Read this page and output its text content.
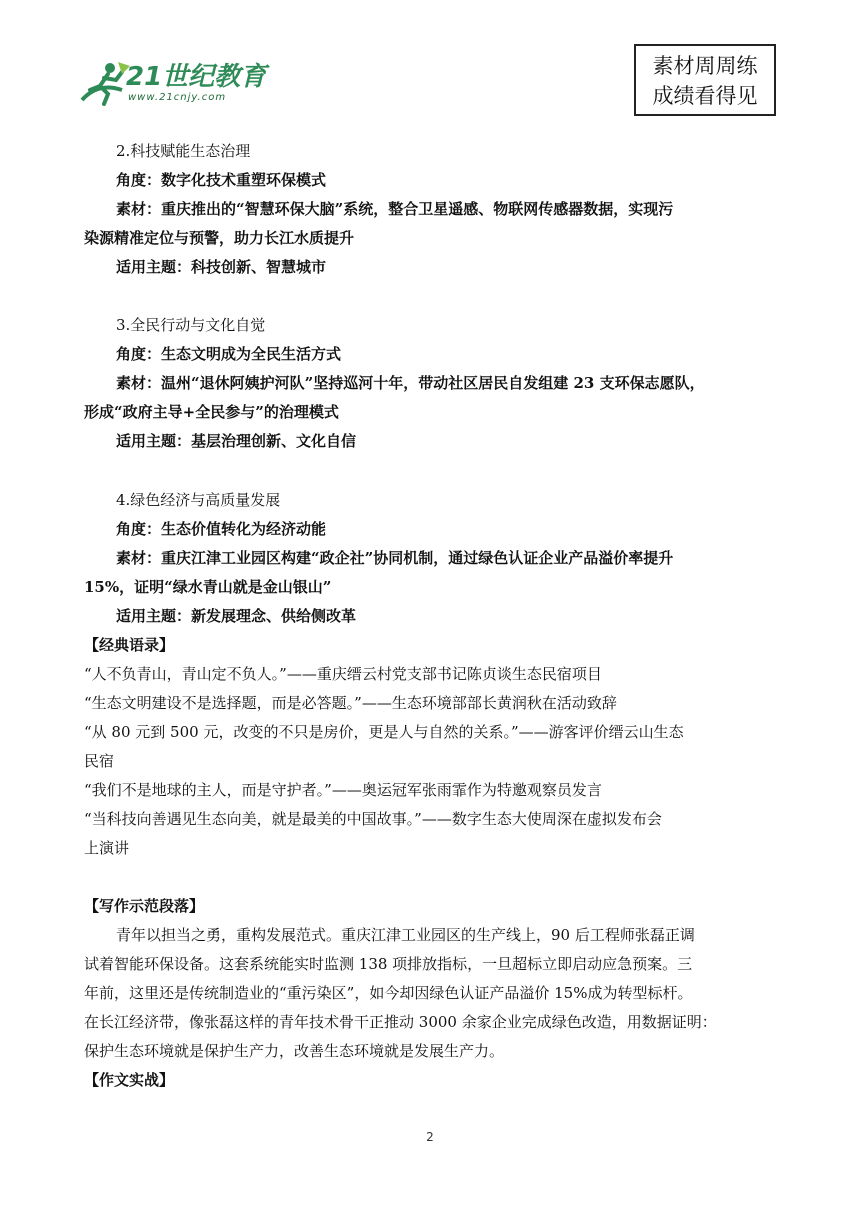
21世纪教育
www.21cnjy.com
素材周周练
成绩看得见
2.科技赋能生态治理
角度：数字化技术重塑环保模式
素材：重庆推出的“智慧环保大脑”系统，整合卫星遥感、物联网传感器数据，实现污
染源精准定位与预警，助力长江水质提升
适用主题：科技创新、智慧城市
3.全民行动与文化自觉
角度：生态文明成为全民生活方式
素材：温州“退休阿姨护河队”坚持巡河十年，带动社区居民自发组建 23 支环保志愿队，
形成“政府主导+全民参与”的治理模式
适用主题：基层治理创新、文化自信
4.绿色经济与高质量发展
角度：生态价值转化为经济动能
素材：重庆江津工业园区构建“政企社”协同机制，通过绿色认证企业产品溢价率提升
15%，证明“绿水青山就是金山银山”
适用主题：新发展理念、供给侧改革
【经典语录】
“人不负青山，青山定不负人。”——重庆缙云村党支部书记陈贞谈生态民宿项目
“生态文明建设不是选择题，而是必答题。”——生态环境部部长黄润秋在活动致辞
“从 80 元到 500 元，改变的不只是房价，更是人与自然的关系。”——游客评价缙云山生态
民宿
“我们不是地球的主人，而是守护者。”——奥运冠军张雨霏作为特邀观察员发言
“当科技向善遇见生态向美，就是最美的中国故事。”——数字生态大使周深在虚拟发布会
上演讲
【写作示范段落】
青年以担当之勇，重构发展范式。重庆江津工业园区的生产线上，90 后工程师张磊正调
试着智能环保设备。这套系统能实时监测 138 项排放指标，一旦超标立即启动应急预案。三
年前，这里还是传统制造业的“重污染区”，如今却因绿色认证产品溢价 15%成为转型标杆。
在长江经济带，像张磊这样的青年技术骨干正推动 3000 余家企业完成绿色改造，用数据证明：
保护生态环境就是保护生产力，改善生态环境就是发展生产力。
【作文实战】
2
